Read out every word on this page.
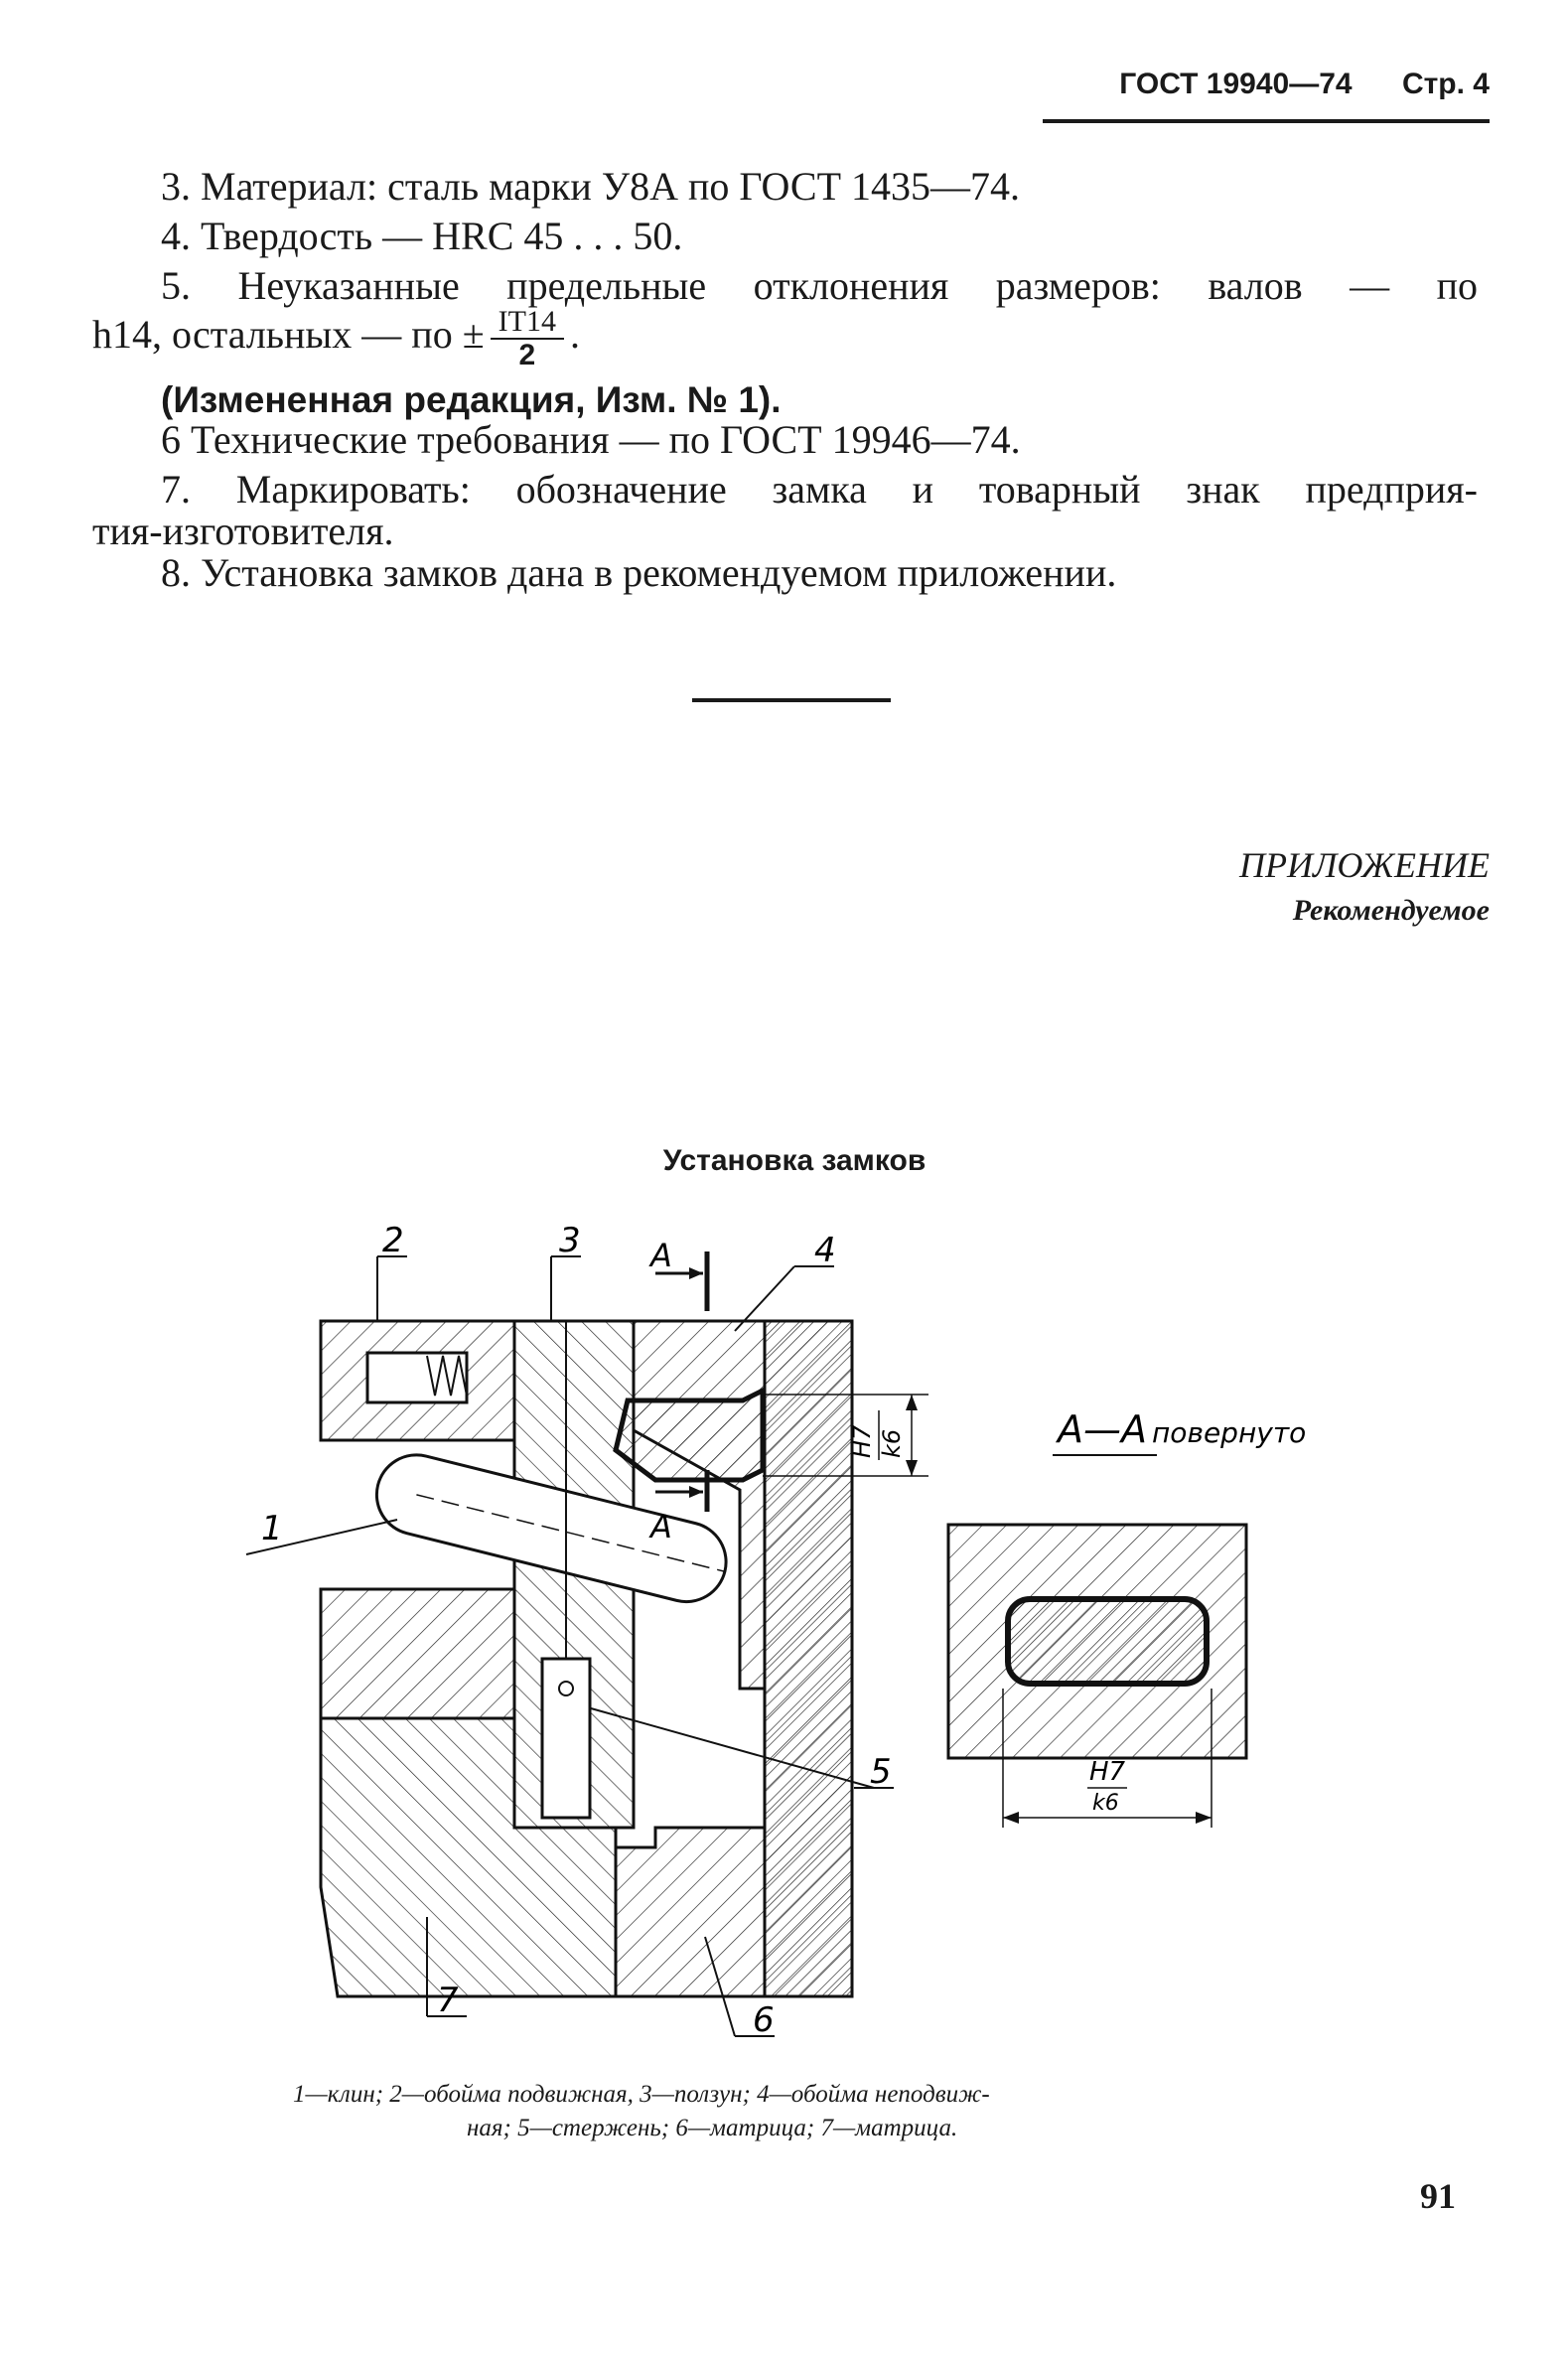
ГОСТ 19940—74 Стр. 4
3. Материал: сталь марки У8А по ГОСТ 1435—74.
4. Твердость — HRC 45 . . . 50.
5. Неуказанные предельные отклонения размеров: валов — по
h14, остальных — по ± $\frac{IT14}{2}$ .
(Измененная редакция, Изм. № 1).
6 Технические требования — по ГОСТ 19946—74.
7. Маркировать: обозначение замка и товарный знак предприя-
тия-изготовителя.
8. Установка замков дана в рекомендуемом приложении.
ПРИЛОЖЕНИЕ
Рекомендуемое
Установка замков
2	3	4
1
5
6
7
А
А
H7 k6	А—А повернуто
H7
k6
1—клин; 2—обойма подвижная, 3—ползун; 4—обойма неподвиж-
ная; 5—стержень; 6—матрица; 7—матрица.
91
